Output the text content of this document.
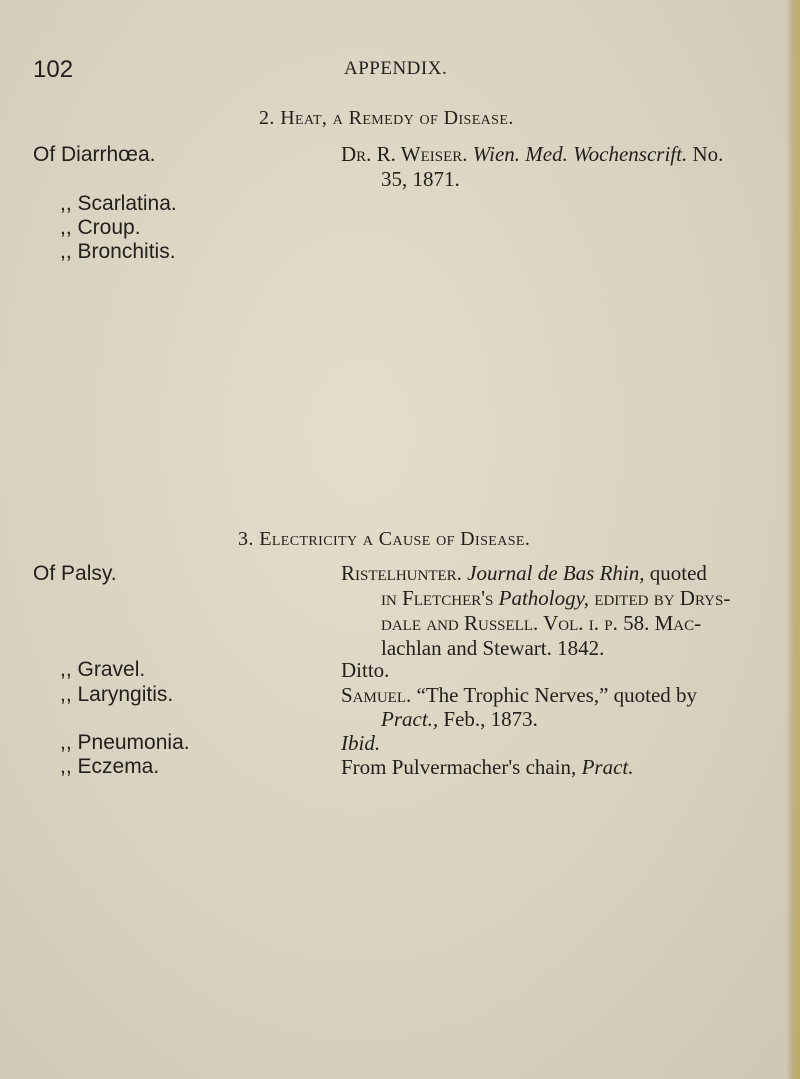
102	APPENDIX.
2. Heat, a Remedy of Disease.
Of Diarrhœa.	Dr. R. Weiser. Wien. Med. Wochenscrift. No.
35, 1871.
,, Scarlatina.
,, Croup.
,, Bronchitis.
3. Electricity a Cause of Disease.
Of Palsy.	Ristelhunter. Journal de Bas Rhin, quoted
in Fletcher's Pathology, edited by Drys-
dale and Russell. Vol. i. p. 58. Mac-
lachlan and Stewart. 1842.
,, Gravel.	Ditto.
,, Laryngitis.	Samuel. “The Trophic Nerves,” quoted by
Pract., Feb., 1873.
,, Pneumonia.	Ibid.
,, Eczema.	From Pulvermacher's chain, Pract.
